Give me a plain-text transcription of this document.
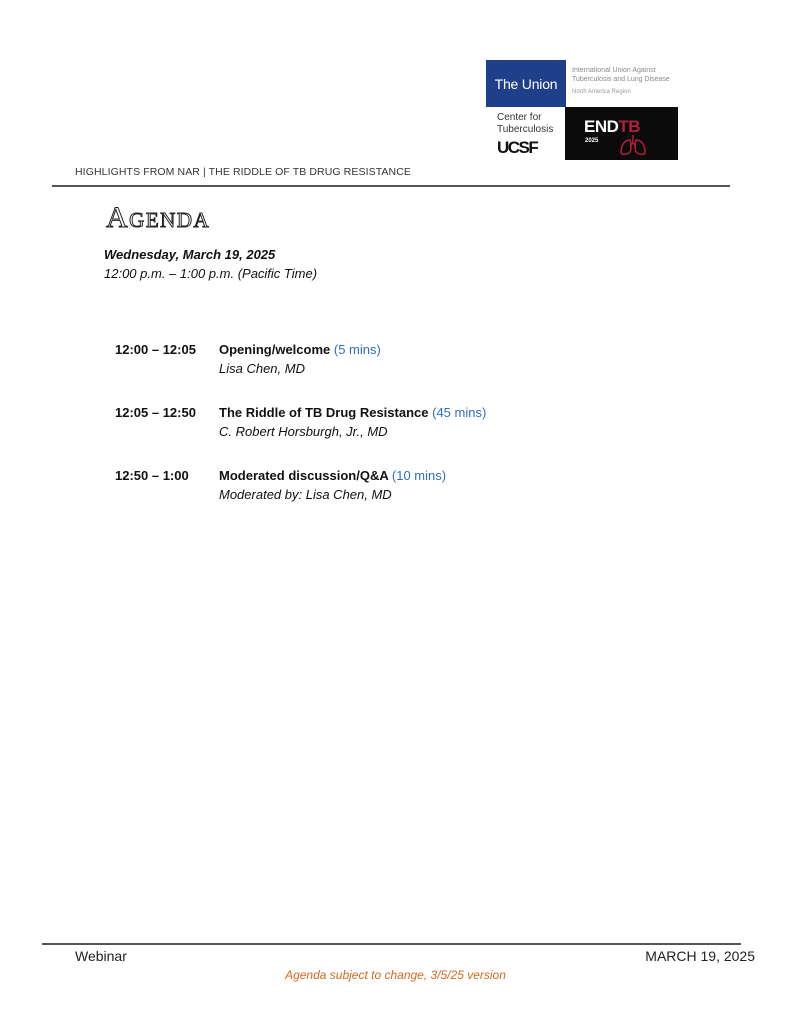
The Union
International Union Against Tuberculosis and Lung Disease
North America Region
Center for
Tuberculosis
UCSF
ENDTB
2025
HIGHLIGHTS FROM NAR | THE RIDDLE OF TB DRUG RESISTANCE
Agenda
Wednesday, March 19, 2025
12:00 p.m. – 1:00 p.m. (Pacific Time)
12:00 – 12:05 Opening/welcome (5 mins)
Lisa Chen, MD
12:05 – 12:50 The Riddle of TB Drug Resistance (45 mins)
C. Robert Horsburgh, Jr., MD
12:50 – 1:00 Moderated discussion/Q&A (10 mins)
Moderated by: Lisa Chen, MD
Webinar	MARCH 19, 2025
Agenda subject to change, 3/5/25 version
